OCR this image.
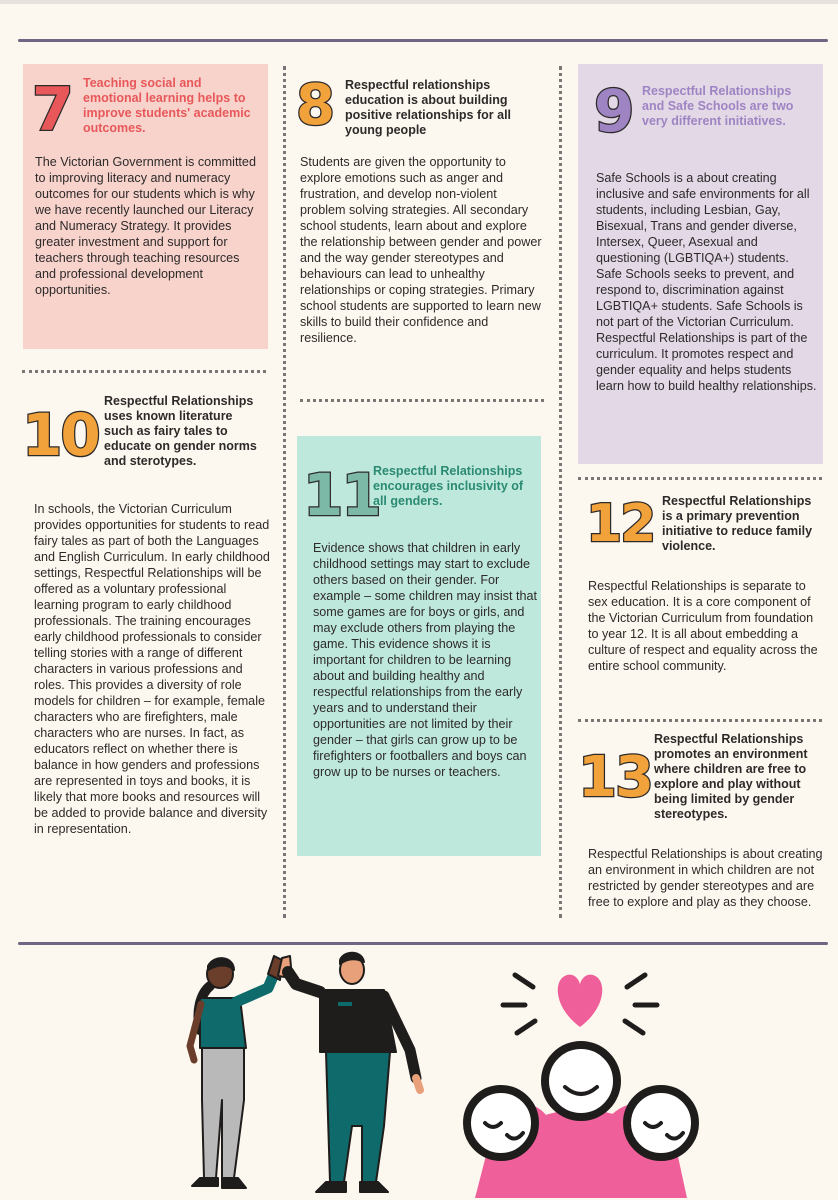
7 Teaching social and emotional learning helps to improve students' academic outcomes.
The Victorian Government is committed to improving literacy and numeracy outcomes for our students which is why we have recently launched our Literacy and Numeracy Strategy. It provides greater investment and support for teachers through teaching resources and professional development opportunities.
8 Respectful relationships education is about building positive relationships for all young people
Students are given the opportunity to explore emotions such as anger and frustration, and develop non-violent problem solving strategies. All secondary school students, learn about and explore the relationship between gender and power and the way gender stereotypes and behaviours can lead to unhealthy relationships or coping strategies. Primary school students are supported to learn new skills to build their confidence and resilience.
9 Respectful Relationships and Safe Schools are two very different initiatives.
Safe Schools is a about creating inclusive and safe environments for all students, including Lesbian, Gay, Bisexual, Trans and gender diverse, Intersex, Queer, Asexual and questioning (LGBTIQA+) students. Safe Schools seeks to prevent, and respond to, discrimination against LGBTIQA+ students. Safe Schools is not part of the Victorian Curriculum. Respectful Relationships is part of the curriculum. It promotes respect and gender equality and helps students learn how to build healthy relationships.
10 Respectful Relationships uses known literature such as fairy tales to educate on gender norms and sterotypes.
In schools, the Victorian Curriculum provides opportunities for students to read fairy tales as part of both the Languages and English Curriculum. In early childhood settings, Respectful Relationships will be offered as a voluntary professional learning program to early childhood professionals. The training encourages early childhood professionals to consider telling stories with a range of different characters in various professions and roles. This provides a diversity of role models for children – for example, female characters who are firefighters, male characters who are nurses. In fact, as educators reflect on whether there is balance in how genders and professions are represented in toys and books, it is likely that more books and resources will be added to provide balance and diversity in representation.
11
Respectful Relationships encourages inclusivity of all genders.
Evidence shows that children in early childhood settings may start to exclude others based on their gender. For example – some children may insist that some games are for boys or girls, and may exclude others from playing the game. This evidence shows it is important for children to be learning about and building healthy and respectful relationships from the early years and to understand their opportunities are not limited by their gender – that girls can grow up to be firefighters or footballers and boys can grow up to be nurses or teachers.
12 Respectful Relationships is a primary prevention initiative to reduce family violence.
Respectful Relationships is separate to sex education. It is a core component of the Victorian Curriculum from foundation to year 12. It is all about embedding a culture of respect and equality across the entire school community.
13
Respectful Relationships promotes an environment where children are free to explore and play without being limited by gender stereotypes.
Respectful Relationships is about creating an environment in which children are not restricted by gender stereotypes and are free to explore and play as they choose.
